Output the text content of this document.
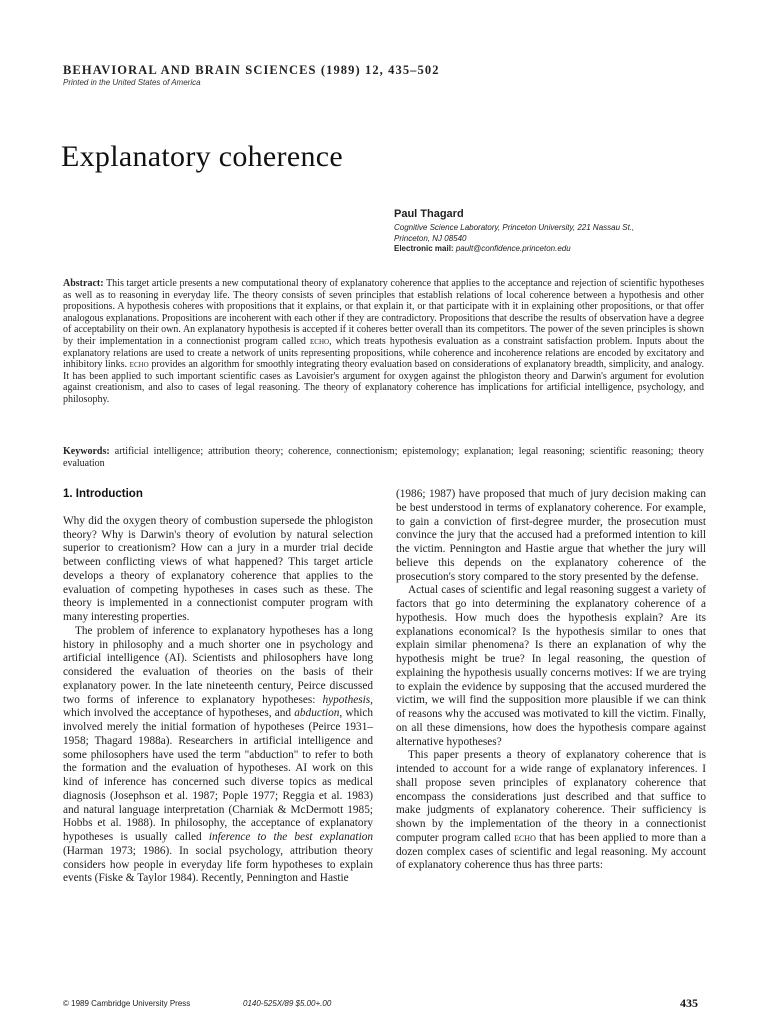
BEHAVIORAL AND BRAIN SCIENCES (1989) 12, 435–502
Printed in the United States of America
Explanatory coherence
Paul Thagard
Cognitive Science Laboratory, Princeton University, 221 Nassau St.,
Princeton, NJ 08540
Electronic mail: pault@confidence.princeton.edu
Abstract: This target article presents a new computational theory of explanatory coherence that applies to the acceptance and rejection of scientific hypotheses as well as to reasoning in everyday life. The theory consists of seven principles that establish relations of local coherence between a hypothesis and other propositions. A hypothesis coheres with propositions that it explains, or that explain it, or that participate with it in explaining other propositions, or that offer analogous explanations. Propositions are incoherent with each other if they are contradictory. Propositions that describe the results of observation have a degree of acceptability on their own. An explanatory hypothesis is accepted if it coheres better overall than its competitors. The power of the seven principles is shown by their implementation in a connectionist program called echo, which treats hypothesis evaluation as a constraint satisfaction problem. Inputs about the explanatory relations are used to create a network of units representing propositions, while coherence and incoherence relations are encoded by excitatory and inhibitory links. echo provides an algorithm for smoothly integrating theory evaluation based on considerations of explanatory breadth, simplicity, and analogy. It has been applied to such important scientific cases as Lavoisier's argument for oxygen against the phlogiston theory and Darwin's argument for evolution against creationism, and also to cases of legal reasoning. The theory of explanatory coherence has implications for artificial intelligence, psychology, and philosophy.
Keywords: artificial intelligence; attribution theory; coherence, connectionism; epistemology; explanation; legal reasoning; scientific reasoning; theory evaluation
1. Introduction

Why did the oxygen theory of combustion supersede the phlogiston theory? Why is Darwin's theory of evolution by natural selection superior to creationism? How can a jury in a murder trial decide between conflicting views of what happened? This target article develops a theory of explanatory coherence that applies to the evaluation of competing hypotheses in cases such as these. The theory is implemented in a connectionist computer program with many interesting properties.

The problem of inference to explanatory hypotheses has a long history in philosophy and a much shorter one in psychology and artificial intelligence (AI). Scientists and philosophers have long considered the evaluation of theories on the basis of their explanatory power. In the late nineteenth century, Peirce discussed two forms of inference to explanatory hypotheses: hypothesis, which involved the acceptance of hypotheses, and abduction, which involved merely the initial formation of hypotheses (Peirce 1931–1958; Thagard 1988a). Researchers in artificial intelligence and some philosophers have used the term "abduction" to refer to both the formation and the evaluation of hypotheses. AI work on this kind of inference has concerned such diverse topics as medical diagnosis (Josephson et al. 1987; Pople 1977; Reggia et al. 1983) and natural language interpretation (Charniak & McDermott 1985; Hobbs et al. 1988). In philosophy, the acceptance of explanatory hypotheses is usually called inference to the best explanation (Harman 1973; 1986). In social psychology, attribution theory considers how people in everyday life form hypotheses to explain events (Fiske & Taylor 1984). Recently, Pennington and Hastie

(1986; 1987) have proposed that much of jury decision making can be best understood in terms of explanatory coherence. For example, to gain a conviction of first-degree murder, the prosecution must convince the jury that the accused had a preformed intention to kill the victim. Pennington and Hastie argue that whether the jury will believe this depends on the explanatory coherence of the prosecution's story compared to the story presented by the defense.

Actual cases of scientific and legal reasoning suggest a variety of factors that go into determining the explanatory coherence of a hypothesis. How much does the hypothesis explain? Are its explanations economical? Is the hypothesis similar to ones that explain similar phenomena? Is there an explanation of why the hypothesis might be true? In legal reasoning, the question of explaining the hypothesis usually concerns motives: If we are trying to explain the evidence by supposing that the accused murdered the victim, we will find the supposition more plausible if we can think of reasons why the accused was motivated to kill the victim. Finally, on all these dimensions, how does the hypothesis compare against alternative hypotheses?

This paper presents a theory of explanatory coherence that is intended to account for a wide range of explanatory inferences. I shall propose seven principles of explanatory coherence that encompass the considerations just described and that suffice to make judgments of explanatory coherence. Their sufficiency is shown by the implementation of the theory in a connectionist computer program called echo that has been applied to more than a dozen complex cases of scientific and legal reasoning. My account of explanatory coherence thus has three parts:

© 1989 Cambridge University Press	0140-525X/89 $5.00+.00	435
